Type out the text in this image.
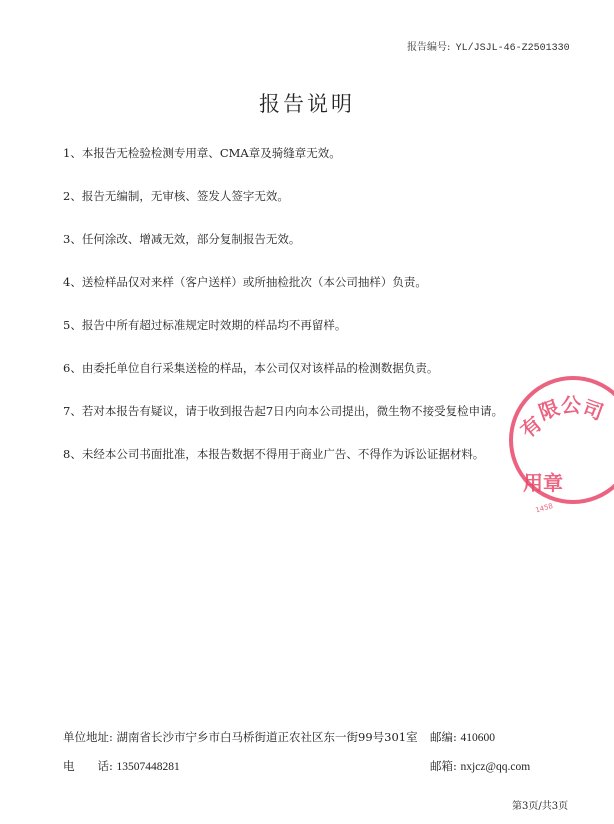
报告编号: YL/JSJL-46-Z2501330
报告说明
1、本报告无检验检测专用章、CMA章及骑缝章无效。
2、报告无编制，无审核、签发人签字无效。
3、任何涂改、增减无效，部分复制报告无效。
4、送检样品仅对来样（客户送样）或所抽检批次（本公司抽样）负责。
5、报告中所有超过标准规定时效期的样品均不再留样。
6、由委托单位自行采集送检的样品，本公司仅对该样品的检测数据负责。
7、若对本报告有疑议，请于收到报告起7日内向本公司提出，微生物不接受复检申请。
8、未经本公司书面批准，本报告数据不得用于商业广告、不得作为诉讼证据材料。
有
限
公
司
用章
1458
单位地址: 湖南省长沙市宁乡市白马桥街道正农社区东一街99号301室 邮编: 410600
电　　话: 13507448281	邮箱: nxjcz@qq.com
第3页/共3页
